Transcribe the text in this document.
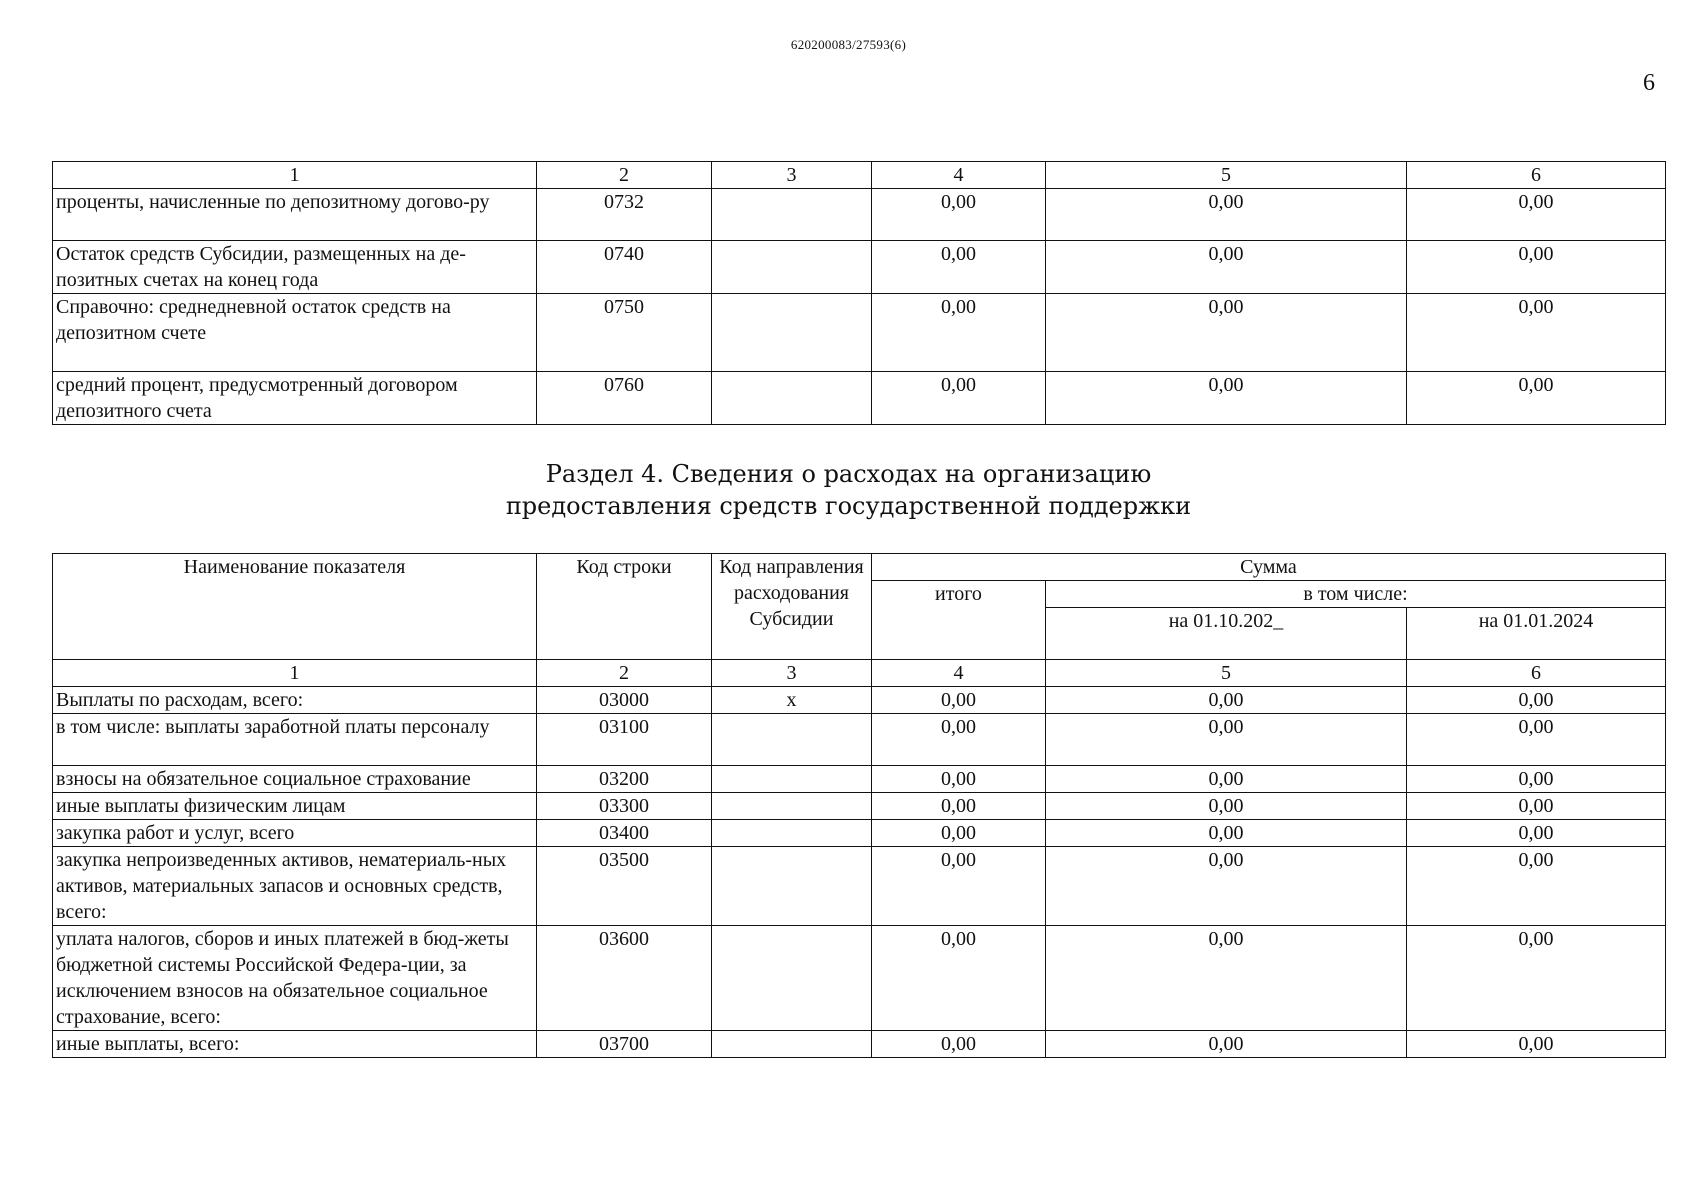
620200083/27593(6)
6
1	2	3	4	5	6
проценты, начисленные по депозитному догово-ру	0732		0,00	0,00	0,00
Остаток средств Субсидии, размещенных на де-позитных счетах на конец года	0740		0,00	0,00	0,00
Справочно: среднедневной остаток средств на депозитном счете	0750		0,00	0,00	0,00
средний процент, предусмотренный договором депозитного счета	0760		0,00	0,00	0,00
Раздел 4. Сведения о расходах на организацию
предоставления средств государственной поддержки
Наименование показателя	Код строки	Код направления расходования Субсидии	Сумма		
			итого	в том числе:	
				на 01.10.202_	на 01.01.2024
1	2	3	4	5	6
Выплаты по расходам, всего:	03000	x	0,00	0,00	0,00
в том числе: выплаты заработной платы персоналу	03100		0,00	0,00	0,00
взносы на обязательное социальное страхование	03200		0,00	0,00	0,00
иные выплаты физическим лицам	03300		0,00	0,00	0,00
закупка работ и услуг, всего	03400		0,00	0,00	0,00
закупка непроизведенных активов, нематериаль-ных активов, материальных запасов и основных средств, всего:	03500		0,00	0,00	0,00
уплата налогов, сборов и иных платежей в бюд-жеты бюджетной системы Российской Федера-ции, за исключением взносов на обязательное социальное страхование, всего:	03600		0,00	0,00	0,00
иные выплаты, всего:	03700		0,00	0,00	0,00
